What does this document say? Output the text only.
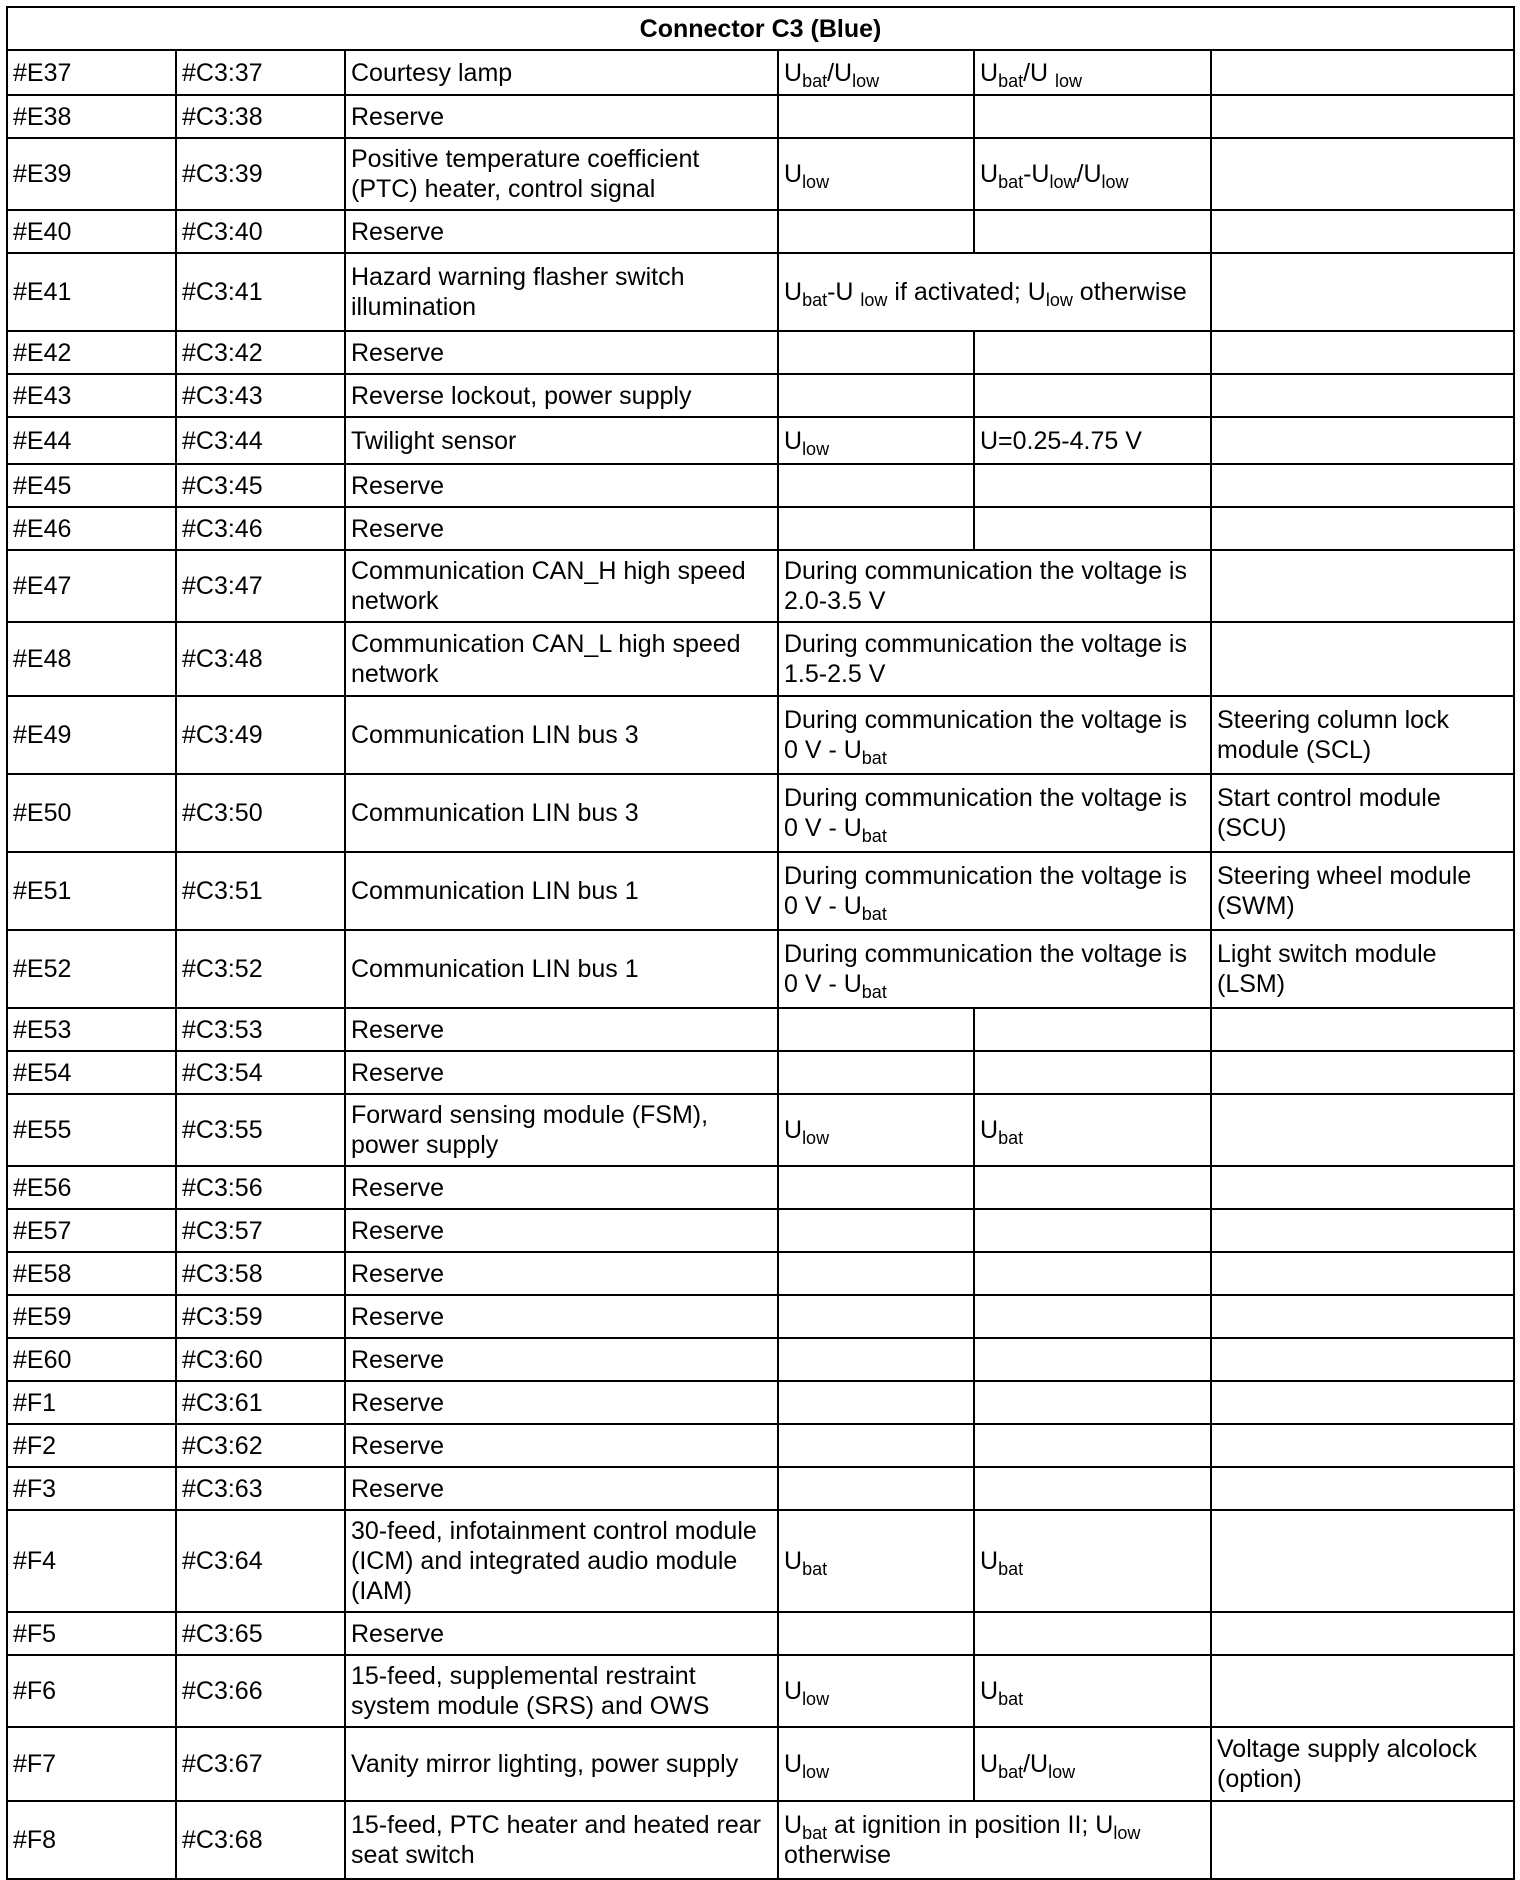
Connector C3 (Blue)					
#E37	#C3:37	Courtesy lamp	$U_{bat}/U_{low}$	$U_{bat}/U$ $_{low}$	
#E38	#C3:38	Reserve			
#E39	#C3:39	Positive temperature coefficient (PTC) heater, control signal	$U_{low}$	$U_{bat}-U_{low}/U_{low}$	
#E40	#C3:40	Reserve			
#E41	#C3:41	Hazard warning flasher switch illumination	$U_{bat}-U$ $_{low}$ if activated; $U_{low}$ otherwise		
#E42	#C3:42	Reserve			
#E43	#C3:43	Reverse lockout, power supply			
#E44	#C3:44	Twilight sensor	$U_{low}$	U=0.25-4.75 V	
#E45	#C3:45	Reserve			
#E46	#C3:46	Reserve			
#E47	#C3:47	Communication CAN_H high speed network	During communication the voltage is 2.0-3.5 V		
#E48	#C3:48	Communication CAN_L high speed network	During communication the voltage is 1.5-2.5 V		
#E49	#C3:49	Communication LIN bus 3	During communication the voltage is 0 V - $U_{bat}$		Steering column lock module (SCL)
#E50	#C3:50	Communication LIN bus 3	During communication the voltage is 0 V - $U_{bat}$		Start control module (SCU)
#E51	#C3:51	Communication LIN bus 1	During communication the voltage is 0 V - $U_{bat}$		Steering wheel module (SWM)
#E52	#C3:52	Communication LIN bus 1	During communication the voltage is 0 V - $U_{bat}$		Light switch module (LSM)
#E53	#C3:53	Reserve			
#E54	#C3:54	Reserve			
#E55	#C3:55	Forward sensing module (FSM), power supply	$U_{low}$	$U_{bat}$	
#E56	#C3:56	Reserve			
#E57	#C3:57	Reserve			
#E58	#C3:58	Reserve			
#E59	#C3:59	Reserve			
#E60	#C3:60	Reserve			
#F1	#C3:61	Reserve			
#F2	#C3:62	Reserve			
#F3	#C3:63	Reserve			
#F4	#C3:64	30-feed, infotainment control module (ICM) and integrated audio module (IAM)	$U_{bat}$	$U_{bat}$	
#F5	#C3:65	Reserve			
#F6	#C3:66	15-feed, supplemental restraint system module (SRS) and OWS	$U_{low}$	$U_{bat}$	
#F7	#C3:67	Vanity mirror lighting, power supply	$U_{low}$	$U_{bat}/U_{low}$	Voltage supply alcolock (option)
#F8	#C3:68	15-feed, PTC heater and heated rear seat switch	$U_{bat}$ at ignition in position II; $U_{low}$ otherwise		
